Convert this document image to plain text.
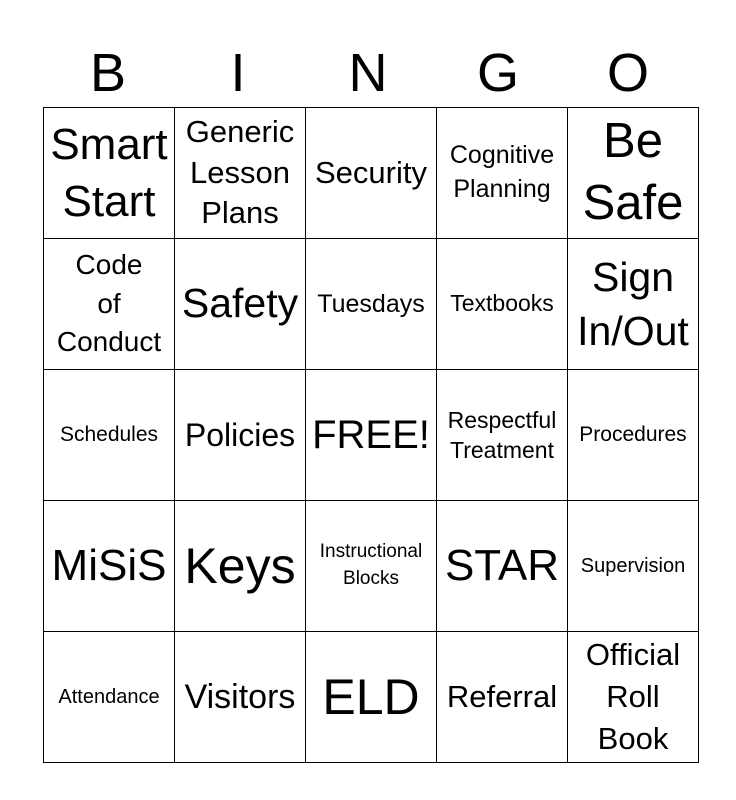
B	I	N	G	O
Smart
Start	Generic
Lesson
Plans	Security	Cognitive
Planning	Be
Safe

Code
of
Conduct	Safety	Tuesdays	Textbooks	Sign
In/Out

Schedules	Policies	FREE!	Respectful
Treatment	Procedures

MiSiS	Keys	Instructional
Blocks	STAR	Supervision

Attendance	Visitors	ELD	Referral	Official
Roll
Book
